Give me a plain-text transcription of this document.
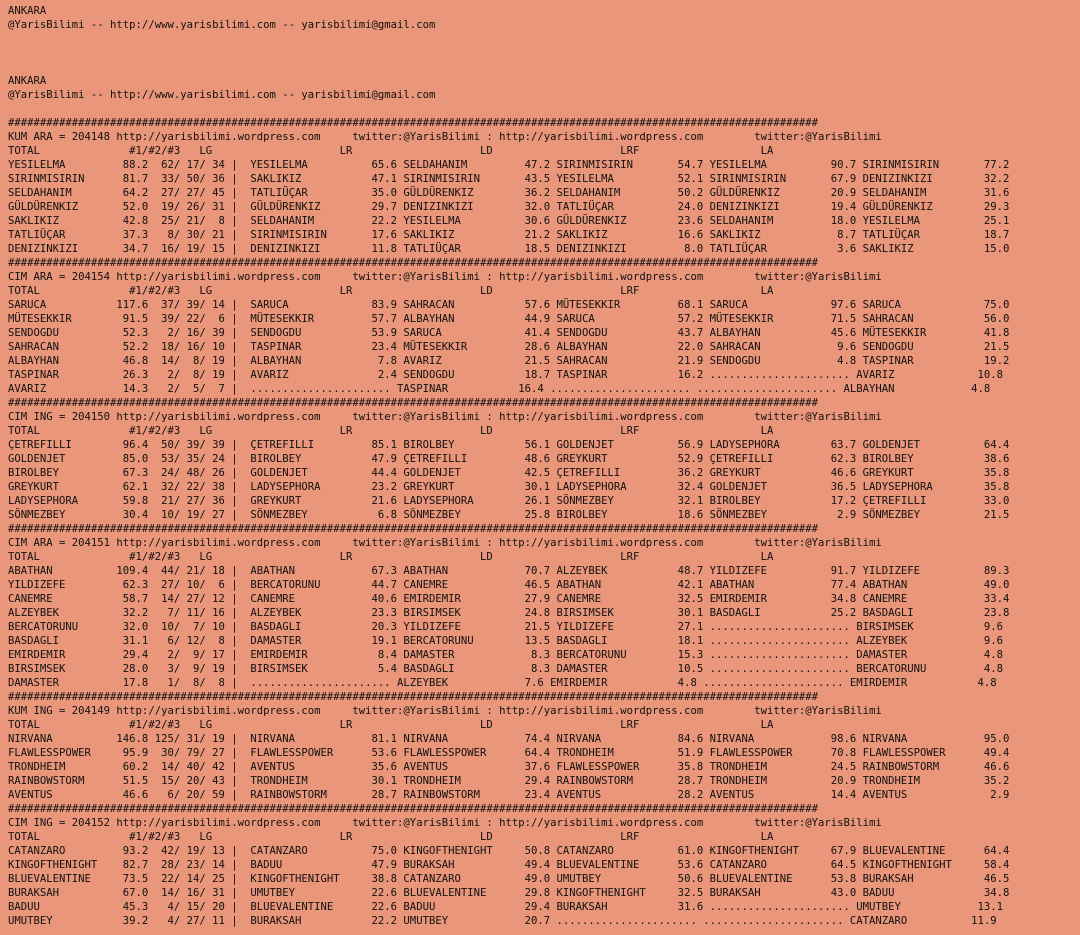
ANKARA
@YarisBilimi -- http://www.yarisbilimi.com -- yarisbilimi@gmail.com
ANKARA
@YarisBilimi -- http://www.yarisbilimi.com -- yarisbilimi@gmail.com
###############################################################################################################################
KUM ARA = 204148 http://yarisbilimi.wordpress.com     twitter:@YarisBilimi : http://yarisbilimi.wordpress.com        twitter:@YarisBilimi
TOTAL              #1/#2/#3   LG                    LR                    LD                    LRF                   LA
YESILELMA         88.2  62/ 17/ 34 |  YESILELMA          65.6 SELDAHANIM         47.2 SIRINMISIRIN       54.7 YESILELMA          90.7 SIRINMISIRIN       77.2
SIRINMISIRIN      81.7  33/ 50/ 36 |  SAKLIKIZ           47.1 SIRINMISIRIN       43.5 YESILELMA          52.1 SIRINMISIRIN       67.9 DENIZINKIZI        32.2
SELDAHANIM        64.2  27/ 27/ 45 |  TATLIÜÇAR          35.0 GÜLDÜRENKIZ        36.2 SELDAHANIM         50.2 GÜLDÜRENKIZ        20.9 SELDAHANIM         31.6
GÜLDÜRENKIZ       52.0  19/ 26/ 31 |  GÜLDÜRENKIZ        29.7 DENIZINKIZI        32.0 TATLIÜÇAR          24.0 DENIZINKIZI        19.4 GÜLDÜRENKIZ        29.3
SAKLIKIZ          42.8  25/ 21/  8 |  SELDAHANIM         22.2 YESILELMA          30.6 GÜLDÜRENKIZ        23.6 SELDAHANIM         18.0 YESILELMA          25.1
TATLIÜÇAR         37.3   8/ 30/ 21 |  SIRINMISIRIN       17.6 SAKLIKIZ           21.2 SAKLIKIZ           16.6 SAKLIKIZ            8.7 TATLIÜÇAR          18.7
DENIZINKIZI       34.7  16/ 19/ 15 |  DENIZINKIZI        11.8 TATLIÜÇAR          18.5 DENIZINKIZI         8.0 TATLIÜÇAR           3.6 SAKLIKIZ           15.0
###############################################################################################################################
CIM ARA = 204154 http://yarisbilimi.wordpress.com     twitter:@YarisBilimi : http://yarisbilimi.wordpress.com        twitter:@YarisBilimi
TOTAL              #1/#2/#3   LG                    LR                    LD                    LRF                   LA
SARUCA           117.6  37/ 39/ 14 |  SARUCA             83.9 SAHRACAN           57.6 MÜTESEKKIR         68.1 SARUCA             97.6 SARUCA             75.0
MÜTESEKKIR        91.5  39/ 22/  6 |  MÜTESEKKIR         57.7 ALBAYHAN           44.9 SARUCA             57.2 MÜTESEKKIR         71.5 SAHRACAN           56.0
SENDOGDU          52.3   2/ 16/ 39 |  SENDOGDU           53.9 SARUCA             41.4 SENDOGDU           43.7 ALBAYHAN           45.6 MÜTESEKKIR         41.8
SAHRACAN          52.2  18/ 16/ 10 |  TASPINAR           23.4 MÜTESEKKIR         28.6 ALBAYHAN           22.0 SAHRACAN            9.6 SENDOGDU           21.5
ALBAYHAN          46.8  14/  8/ 19 |  ALBAYHAN            7.8 AVARIZ             21.5 SAHRACAN           21.9 SENDOGDU            4.8 TASPINAR           19.2
TASPINAR          26.3   2/  8/ 19 |  AVARIZ              2.4 SENDOGDU           18.7 TASPINAR           16.2 ...................... AVARIZ             10.8
AVARIZ            14.3   2/  5/  7 |  ...................... TASPINAR           16.4 ...................... ...................... ALBAYHAN            4.8
###############################################################################################################################
CIM ING = 204150 http://yarisbilimi.wordpress.com     twitter:@YarisBilimi : http://yarisbilimi.wordpress.com        twitter:@YarisBilimi
TOTAL              #1/#2/#3   LG                    LR                    LD                    LRF                   LA
ÇETREFILLI        96.4  50/ 39/ 39 |  ÇETREFILLI         85.1 BIROLBEY           56.1 GOLDENJET          56.9 LADYSEPHORA        63.7 GOLDENJET          64.4
GOLDENJET         85.0  53/ 35/ 24 |  BIROLBEY           47.9 ÇETREFILLI         48.6 GREYKURT           52.9 ÇETREFILLI         62.3 BIROLBEY           38.6
BIROLBEY          67.3  24/ 48/ 26 |  GOLDENJET          44.4 GOLDENJET          42.5 ÇETREFILLI         36.2 GREYKURT           46.6 GREYKURT           35.8
GREYKURT          62.1  32/ 22/ 38 |  LADYSEPHORA        23.2 GREYKURT           30.1 LADYSEPHORA        32.4 GOLDENJET          36.5 LADYSEPHORA        35.8
LADYSEPHORA       59.8  21/ 27/ 36 |  GREYKURT           21.6 LADYSEPHORA        26.1 SÖNMEZBEY          32.1 BIROLBEY           17.2 ÇETREFILLI         33.0
SÖNMEZBEY         30.4  10/ 19/ 27 |  SÖNMEZBEY           6.8 SÖNMEZBEY          25.8 BIROLBEY           18.6 SÖNMEZBEY           2.9 SÖNMEZBEY          21.5
###############################################################################################################################
CIM ARA = 204151 http://yarisbilimi.wordpress.com     twitter:@YarisBilimi : http://yarisbilimi.wordpress.com        twitter:@YarisBilimi
TOTAL              #1/#2/#3   LG                    LR                    LD                    LRF                   LA
ABATHAN          109.4  44/ 21/ 18 |  ABATHAN            67.3 ABATHAN            70.7 ALZEYBEK           48.7 YILDIZEFE          91.7 YILDIZEFE          89.3
YILDIZEFE         62.3  27/ 10/  6 |  BERCATORUNU        44.7 CANEMRE            46.5 ABATHAN            42.1 ABATHAN            77.4 ABATHAN            49.0
CANEMRE           58.7  14/ 27/ 12 |  CANEMRE            40.6 EMIRDEMIR          27.9 CANEMRE            32.5 EMIRDEMIR          34.8 CANEMRE            33.4
ALZEYBEK          32.2   7/ 11/ 16 |  ALZEYBEK           23.3 BIRSIMSEK          24.8 BIRSIMSEK          30.1 BASDAGLI           25.2 BASDAGLI           23.8
BERCATORUNU       32.0  10/  7/ 10 |  BASDAGLI           20.3 YILDIZEFE          21.5 YILDIZEFE          27.1 ...................... BIRSIMSEK           9.6
BASDAGLI          31.1   6/ 12/  8 |  DAMASTER           19.1 BERCATORUNU        13.5 BASDAGLI           18.1 ...................... ALZEYBEK            9.6
EMIRDEMIR         29.4   2/  9/ 17 |  EMIRDEMIR           8.4 DAMASTER            8.3 BERCATORUNU        15.3 ...................... DAMASTER            4.8
BIRSIMSEK         28.0   3/  9/ 19 |  BIRSIMSEK           5.4 BASDAGLI            8.3 DAMASTER           10.5 ...................... BERCATORUNU         4.8
DAMASTER          17.8   1/  8/  8 |  ...................... ALZEYBEK            7.6 EMIRDEMIR           4.8 ...................... EMIRDEMIR           4.8
###############################################################################################################################
KUM ING = 204149 http://yarisbilimi.wordpress.com     twitter:@YarisBilimi : http://yarisbilimi.wordpress.com        twitter:@YarisBilimi
TOTAL              #1/#2/#3   LG                    LR                    LD                    LRF                   LA
NIRVANA          146.8 125/ 31/ 19 |  NIRVANA            81.1 NIRVANA            74.4 NIRVANA            84.6 NIRVANA            98.6 NIRVANA            95.0
FLAWLESSPOWER     95.9  30/ 79/ 27 |  FLAWLESSPOWER      53.6 FLAWLESSPOWER      64.4 TRONDHEIM          51.9 FLAWLESSPOWER      70.8 FLAWLESSPOWER      49.4
TRONDHEIM         60.2  14/ 40/ 42 |  AVENTUS            35.6 AVENTUS            37.6 FLAWLESSPOWER      35.8 TRONDHEIM          24.5 RAINBOWSTORM       46.6
RAINBOWSTORM      51.5  15/ 20/ 43 |  TRONDHEIM          30.1 TRONDHEIM          29.4 RAINBOWSTORM       28.7 TRONDHEIM          20.9 TRONDHEIM          35.2
AVENTUS           46.6   6/ 20/ 59 |  RAINBOWSTORM       28.7 RAINBOWSTORM       23.4 AVENTUS            28.2 AVENTUS            14.4 AVENTUS             2.9
###############################################################################################################################
CIM ING = 204152 http://yarisbilimi.wordpress.com     twitter:@YarisBilimi : http://yarisbilimi.wordpress.com        twitter:@YarisBilimi
TOTAL              #1/#2/#3   LG                    LR                    LD                    LRF                   LA
CATANZARO         93.2  42/ 19/ 13 |  CATANZARO          75.0 KINGOFTHENIGHT     50.8 CATANZARO          61.0 KINGOFTHENIGHT     67.9 BLUEVALENTINE      64.4
KINGOFTHENIGHT    82.7  28/ 23/ 14 |  BADUU              47.9 BURAKSAH           49.4 BLUEVALENTINE      53.6 CATANZARO          64.5 KINGOFTHENIGHT     58.4
BLUEVALENTINE     73.5  22/ 14/ 25 |  KINGOFTHENIGHT     38.8 CATANZARO          49.0 UMUTBEY            50.6 BLUEVALENTINE      53.8 BURAKSAH           46.5
BURAKSAH          67.0  14/ 16/ 31 |  UMUTBEY            22.6 BLUEVALENTINE      29.8 KINGOFTHENIGHT     32.5 BURAKSAH           43.0 BADUU              34.8
BADUU             45.3   4/ 15/ 20 |  BLUEVALENTINE      22.6 BADUU              29.4 BURAKSAH           31.6 ...................... UMUTBEY            13.1
UMUTBEY           39.2   4/ 27/ 11 |  BURAKSAH           22.2 UMUTBEY            20.7 ...................... ...................... CATANZARO          11.9
